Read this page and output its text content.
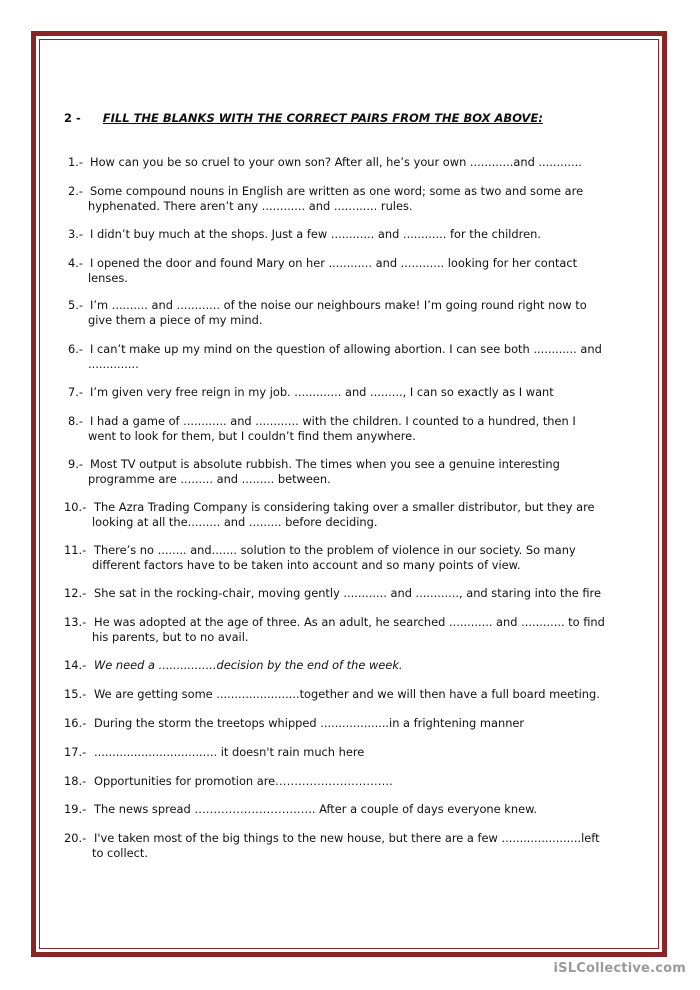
2 - FILL THE BLANKS WITH THE CORRECT PAIRS FROM THE BOX ABOVE:
1.- How can you be so cruel to your own son? After all, he’s your own ............and ............
2.- Some compound nouns in English are written as one word; some as two and some are
hyphenated. There aren’t any ............ and ............ rules.
3.- I didn’t buy much at the shops. Just a few ............ and ............ for the children.
4.- I opened the door and found Mary on her ............ and ............ looking for her contact
lenses.
5.- I’m .......... and ............ of the noise our neighbours make! I’m going round right now to
give them a piece of my mind.
6.- I can’t make up my mind on the question of allowing abortion. I can see both ............ and
..............
7.- I’m given very free reign in my job. ............. and ........., I can so exactly as I want
8.- I had a game of ............ and ............ with the children. I counted to a hundred, then I
went to look for them, but I couldn’t find them anywhere.
9.- Most TV output is absolute rubbish. The times when you see a genuine interesting
programme are ......... and ......... between.
10.- The Azra Trading Company is considering taking over a smaller distributor, but they are
looking at all the......... and ......... before deciding.
11.- There’s no ........ and....... solution to the problem of violence in our society. So many
different factors have to be taken into account and so many points of view.
12.- She sat in the rocking-chair, moving gently ............ and ............, and staring into the fire
13.- He was adopted at the age of three. As an adult, he searched ............ and ............ to find
his parents, but to no avail.
14.- We need a ................decision by the end of the week.
15.- We are getting some .......................together and we will then have a full board meeting.
16.- During the storm the treetops whipped ...................in a frightening manner
17.- .................................. it doesn't rain much here
18.- Opportunities for promotion are………………………….
19.- The news spread ………………………….. After a couple of days everyone knew.
20.- I've taken most of the big things to the new house, but there are a few ......................left
to collect.
iSLCollective.com
